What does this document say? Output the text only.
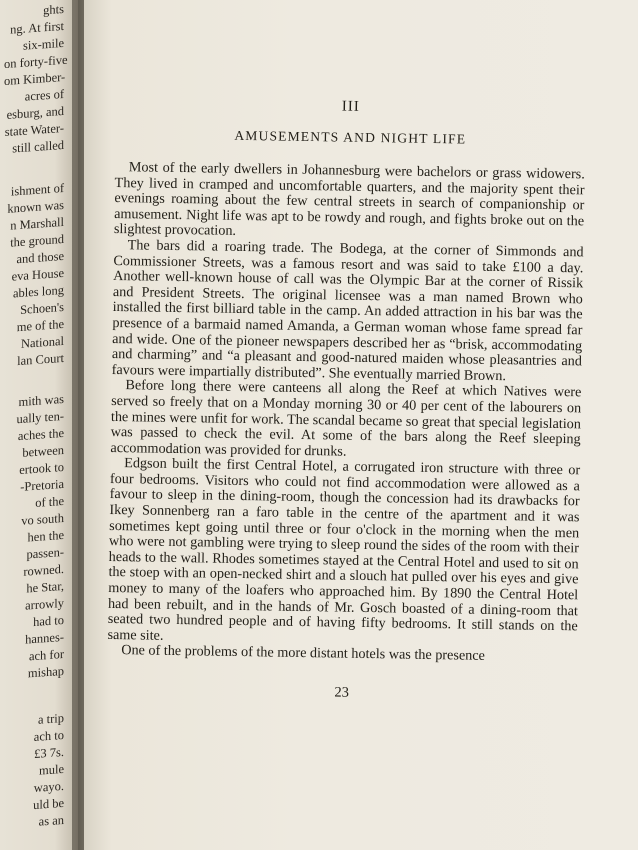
ghts
ng. At first
six-mile
on forty-five
om Kimber-
acres of
esburg, and
state Water-
still called
ishment of
known was
n Marshall
the ground
and those
eva House
ables long
Schoen's
me of the
National
lan Court
mith was
ually ten-
aches the
between
ertook to
-Pretoria
of the
vo south
hen the
passen-
rowned.
he Star,
arrowly
had to
hannes-
ach for
mishap
a trip
ach to
£3 7s.
mule
wayo.
uld be
as an
III
AMUSEMENTS AND NIGHT LIFE

Most of the early dwellers in Johannesburg were bachelors or grass widowers. They lived in cramped and uncomfortable quarters, and the majority spent their evenings roaming about the few central streets in search of companionship or amusement. Night life was apt to be rowdy and rough, and fights broke out on the slightest provocation.

The bars did a roaring trade. The Bodega, at the corner of Simmonds and Commissioner Streets, was a famous resort and was said to take £100 a day. Another well-known house of call was the Olympic Bar at the corner of Rissik and President Streets. The original licensee was a man named Brown who installed the first billiard table in the camp. An added attraction in his bar was the presence of a barmaid named Amanda, a German woman whose fame spread far and wide. One of the pioneer newspapers described her as “brisk, accommodating and charming” and “a pleasant and good-natured maiden whose pleasantries and favours were impartially distributed”. She eventually married Brown.

Before long there were canteens all along the Reef at which Natives were served so freely that on a Monday morning 30 or 40 per cent of the labourers on the mines were unfit for work. The scandal became so great that special legislation was passed to check the evil. At some of the bars along the Reef sleeping accommodation was provided for drunks.

Edgson built the first Central Hotel, a corrugated iron structure with three or four bedrooms. Visitors who could not find accommodation were allowed as a favour to sleep in the dining-room, though the concession had its drawbacks for Ikey Sonnenberg ran a faro table in the centre of the apartment and it was sometimes kept going until three or four o'clock in the morning when the men who were not gambling were trying to sleep round the sides of the room with their heads to the wall. Rhodes sometimes stayed at the Central Hotel and used to sit on the stoep with an open-necked shirt and a slouch hat pulled over his eyes and give money to many of the loafers who approached him. By 1890 the Central Hotel had been rebuilt, and in the hands of Mr. Gosch boasted of a dining-room that seated two hundred people and of having fifty bedrooms. It still stands on the same site.

One of the problems of the more distant hotels was the presence

23
